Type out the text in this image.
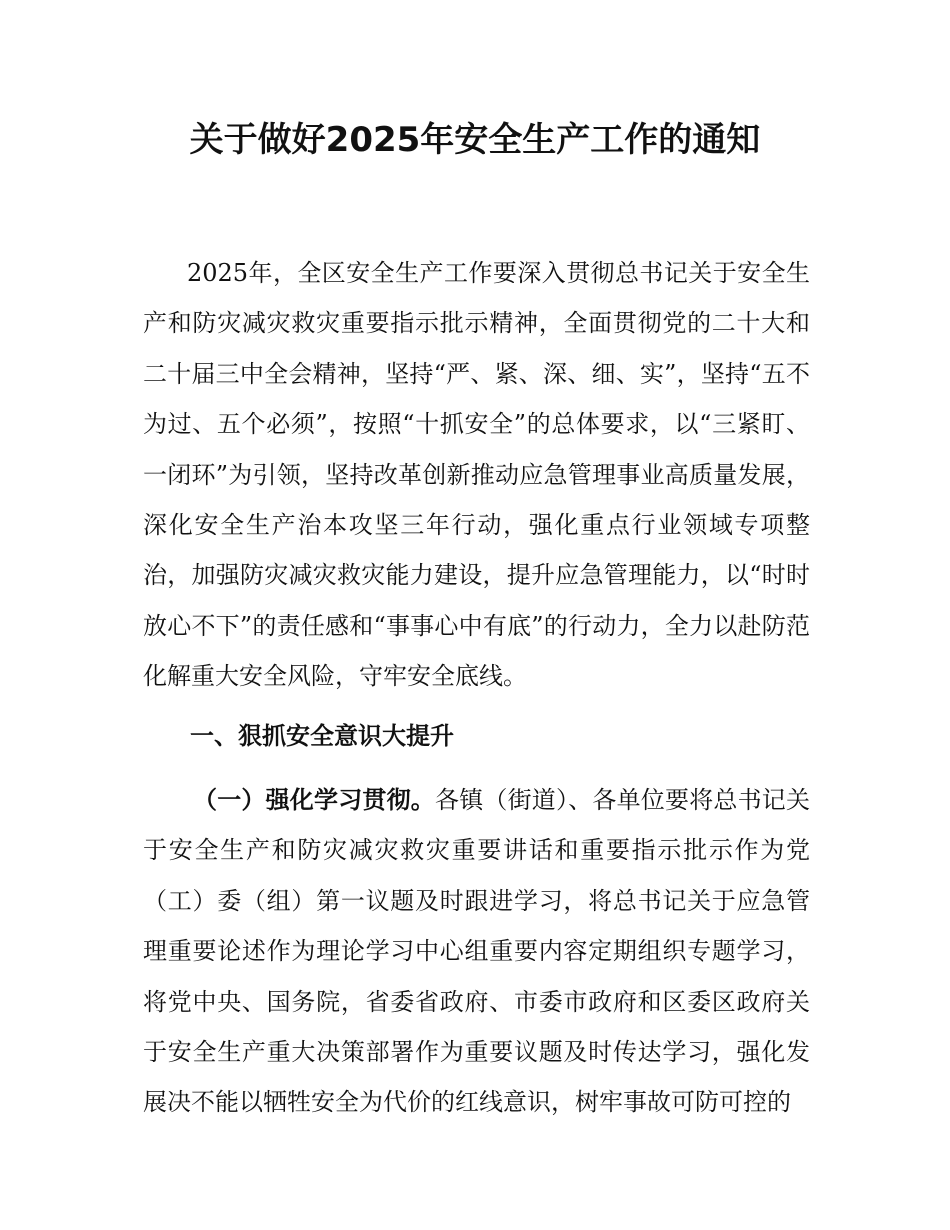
关于做好2025年安全生产工作的通知
2025年，全区安全生产工作要深入贯彻总书记关于安全生产和防灾减灾救灾重要指示批示精神，全面贯彻党的二十大和二十届三中全会精神，坚持“严、紧、深、细、实”，坚持“五不为过、五个必须”，按照“十抓安全”的总体要求，以“三紧盯、一闭环”为引领，坚持改革创新推动应急管理事业高质量发展，深化安全生产治本攻坚三年行动，强化重点行业领域专项整治，加强防灾减灾救灾能力建设，提升应急管理能力，以“时时放心不下”的责任感和“事事心中有底”的行动力，全力以赴防范化解重大安全风险，守牢安全底线。
一、狠抓安全意识大提升
（一）强化学习贯彻。各镇（街道）、各单位要将总书记关于安全生产和防灾减灾救灾重要讲话和重要指示批示作为党（工）委（组）第一议题及时跟进学习，将总书记关于应急管理重要论述作为理论学习中心组重要内容定期组织专题学习，将党中央、国务院，省委省政府、市委市政府和区委区政府关于安全生产重大决策部署作为重要议题及时传达学习，强化发展决不能以牺牲安全为代价的红线意识，树牢事故可防可控的
